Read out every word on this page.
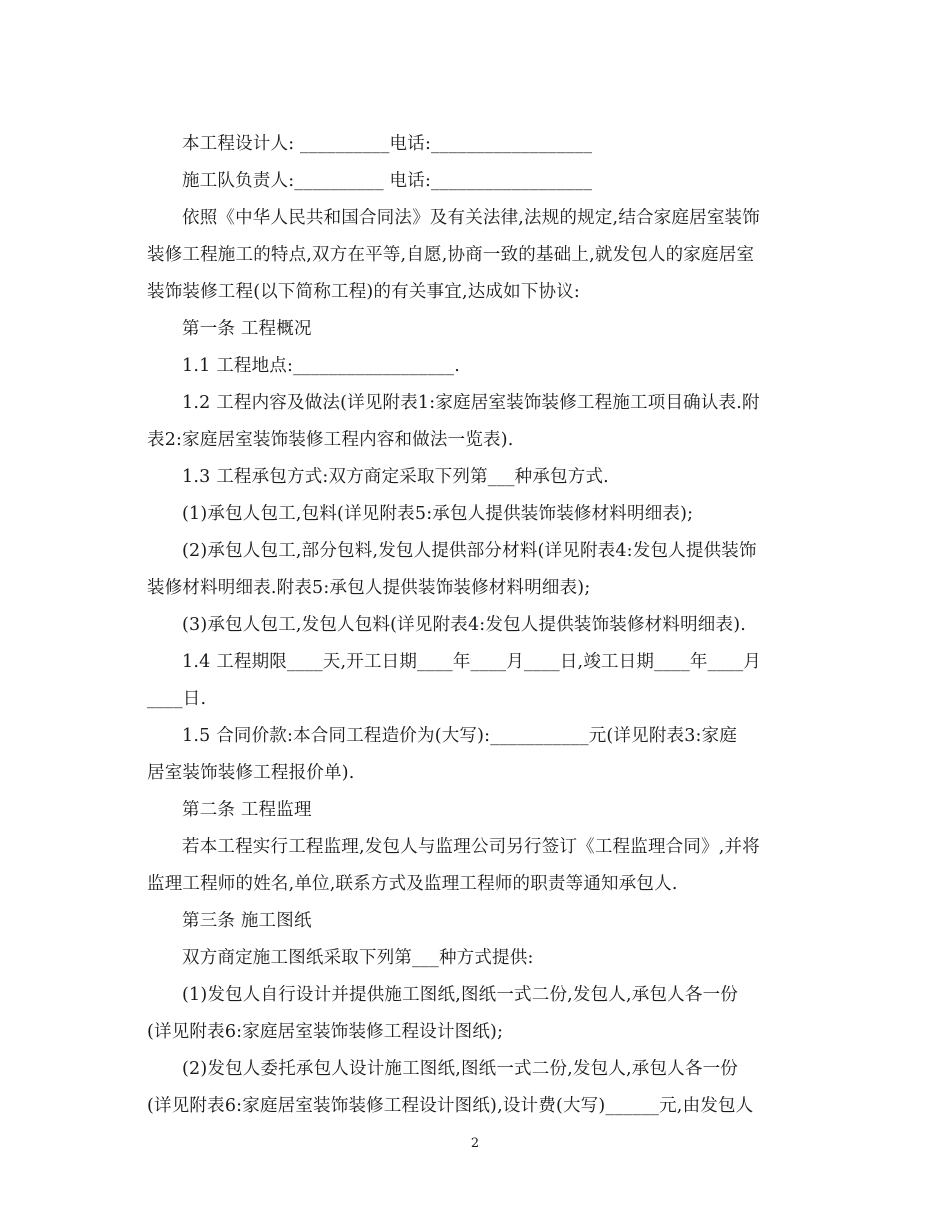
本工程设计人: __________电话:__________________
施工队负责人:__________ 电话:__________________
依照《中华人民共和国合同法》及有关法律,法规的规定,结合家庭居室装饰
装修工程施工的特点,双方在平等,自愿,协商一致的基础上,就发包人的家庭居室
装饰装修工程(以下简称工程)的有关事宜,达成如下协议:
第一条 工程概况
1.1 工程地点:__________________.
1.2 工程内容及做法(详见附表1:家庭居室装饰装修工程施工项目确认表.附
表2:家庭居室装饰装修工程内容和做法一览表).
1.3 工程承包方式:双方商定采取下列第___种承包方式.
(1)承包人包工,包料(详见附表5:承包人提供装饰装修材料明细表);
(2)承包人包工,部分包料,发包人提供部分材料(详见附表4:发包人提供装饰
装修材料明细表.附表5:承包人提供装饰装修材料明细表);
(3)承包人包工,发包人包料(详见附表4:发包人提供装饰装修材料明细表).
1.4 工程期限____天,开工日期____年____月____日,竣工日期____年____月
____日.
1.5 合同价款:本合同工程造价为(大写):___________元(详见附表3:家庭
居室装饰装修工程报价单).
第二条 工程监理
若本工程实行工程监理,发包人与监理公司另行签订《工程监理合同》,并将
监理工程师的姓名,单位,联系方式及监理工程师的职责等通知承包人.
第三条 施工图纸
双方商定施工图纸采取下列第___种方式提供:
(1)发包人自行设计并提供施工图纸,图纸一式二份,发包人,承包人各一份
(详见附表6:家庭居室装饰装修工程设计图纸);
(2)发包人委托承包人设计施工图纸,图纸一式二份,发包人,承包人各一份
(详见附表6:家庭居室装饰装修工程设计图纸),设计费(大写)______元,由发包人
2
